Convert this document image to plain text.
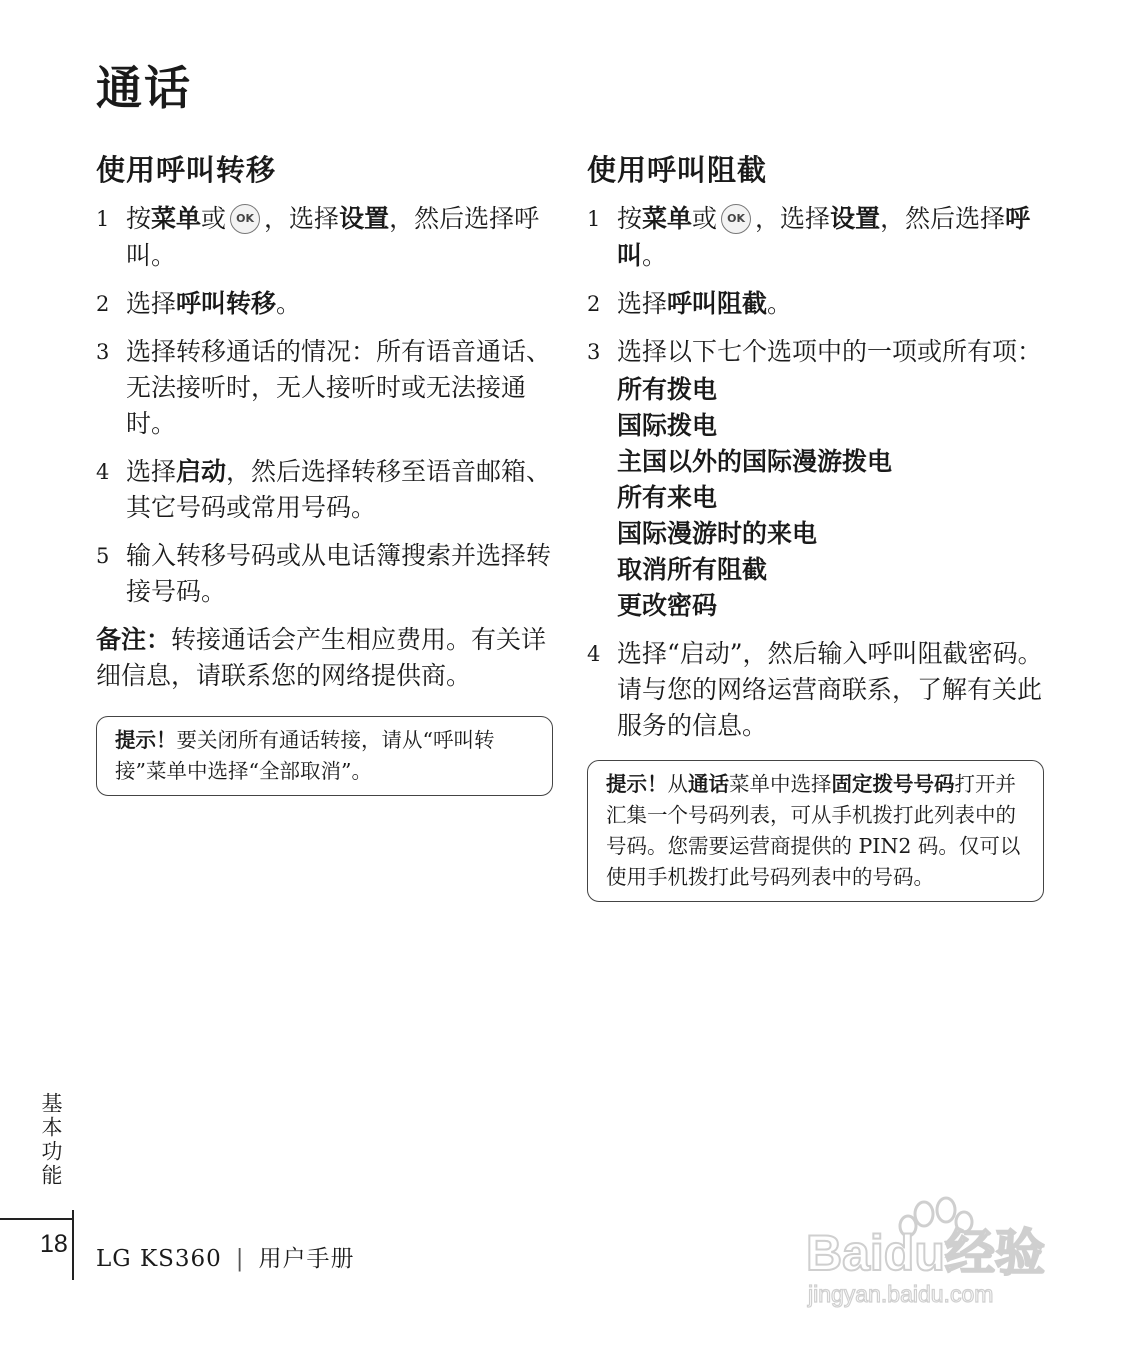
通话
使用呼叫转移
1 按菜单或 OK ，选择设置，然后选择呼叫。
2 选择呼叫转移。
3 选择转移通话的情况：所有语音通话、无法接听时，无人接听时或无法接通时。
4 选择启动，然后选择转移至语音邮箱、其它号码或常用号码。
5 输入转移号码或从电话簿搜索并选择转接号码。
备注：转接通话会产生相应费用。有关详细信息，请联系您的网络提供商。
提示！要关闭所有通话转接，请从“呼叫转接”菜单中选择“全部取消”。
使用呼叫阻截
1 按菜单或 OK ，选择设置，然后选择呼叫。
2 选择呼叫阻截。
3 选择以下七个选项中的一项或所有项：
所有拨电
国际拨电
主国以外的国际漫游拨电
所有来电
国际漫游时的来电
取消所有阻截
更改密码
4 选择“启动”，然后输入呼叫阻截密码。请与您的网络运营商联系，了解有关此服务的信息。
提示！从通话菜单中选择固定拨号号码打开并汇集一个号码列表，可从手机拨打此列表中的号码。您需要运营商提供的 PIN2 码。仅可以使用手机拨打此号码列表中的号码。
基本功能
18
LG KS360 | 用户手册	Baidu经验
jingyan.baidu.com
